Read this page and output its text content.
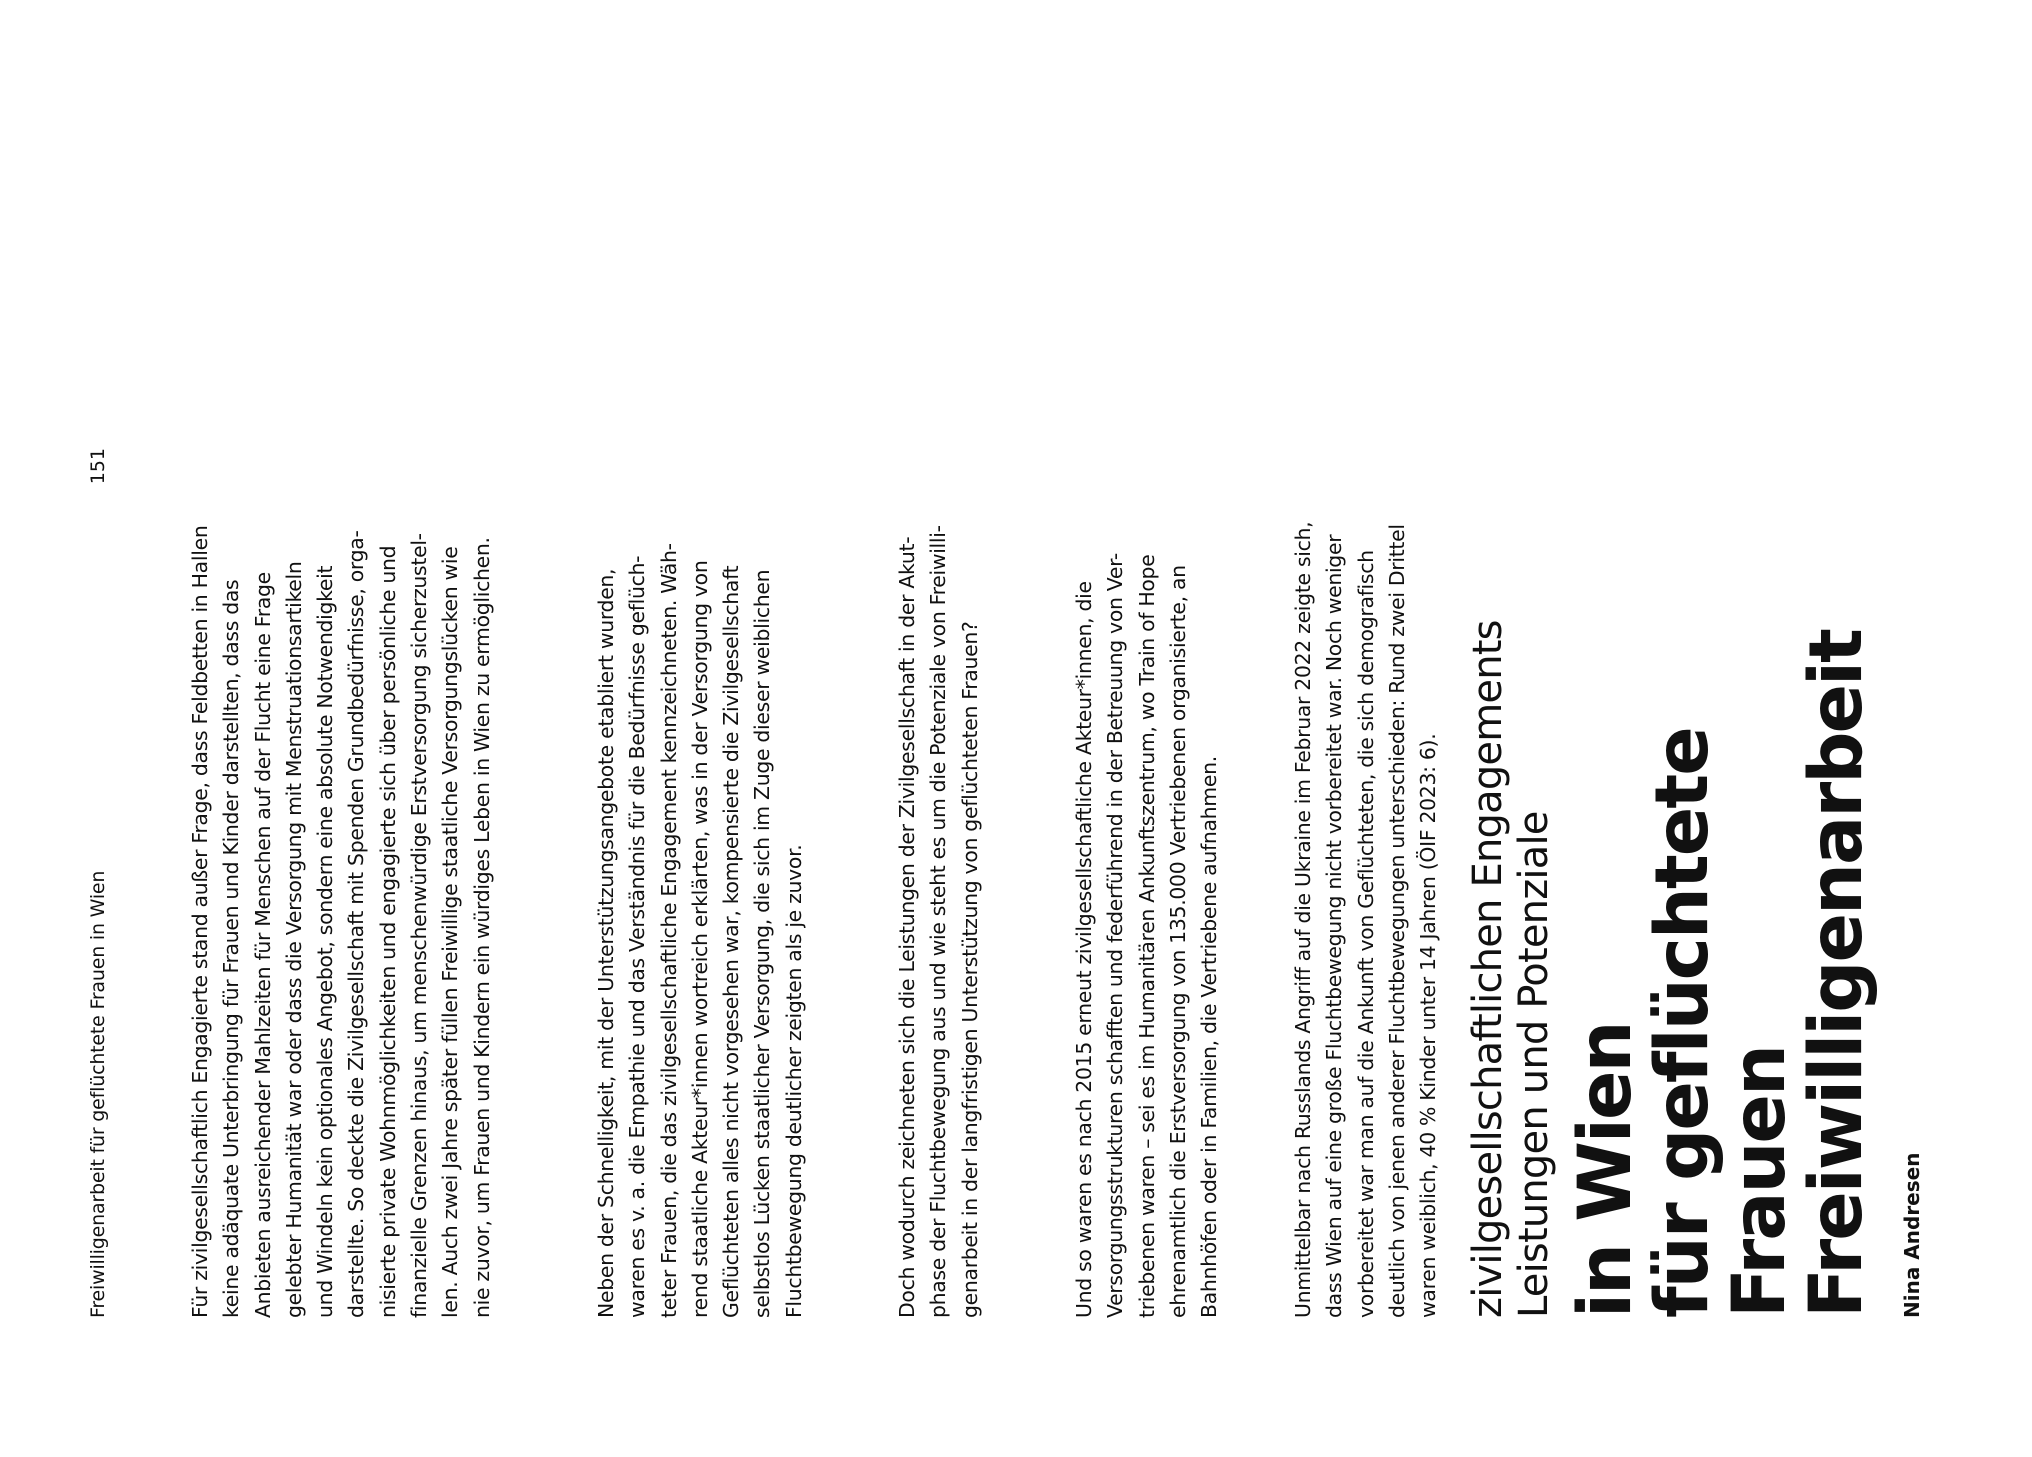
Freiwilligenarbeit für geflüchtete Frauen in Wien
151

Für zivilgesellschaftlich Engagierte stand außer Frage, dass Feldbetten in Hallen keine adäquate Unterbringung für Frauen und Kinder darstellten, dass das Anbieten ausreichender Mahlzeiten für Menschen auf der Flucht eine Frage gelebter Humanität war oder dass die Versorgung mit Menstruationsartikeln und Windeln kein optionales Angebot, sondern eine absolute Notwendigkeit darstellte. So deckte die Zivilgesellschaft mit Spenden Grundbedürfnisse, orga- nisierte private Wohnmöglichkeiten und engagierte sich über persönliche und finanzielle Grenzen hinaus, um menschenwürdige Erstversorgung sicherzustel- len. Auch zwei Jahre später füllen Freiwillige staatliche Versorgungslücken wie nie zuvor, um Frauen und Kindern ein würdiges Leben in Wien zu ermöglichen.	Neben der Schnelligkeit, mit der Unterstützungsangebote etabliert wurden, waren es v. a. die Empathie und das Verständnis für die Bedürfnisse geflüch- teter Frauen, die das zivilgesellschaftliche Engagement kennzeichneten. Wäh- rend staatliche Akteur*innen wortreich erklärten, was in der Versorgung von Geflüchteten alles nicht vorgesehen war, kompensierte die Zivilgesellschaft selbstlos Lücken staatlicher Versorgung, die sich im Zuge dieser weiblichen Fluchtbewegung deutlicher zeigten als je zuvor.	Doch wodurch zeichneten sich die Leistungen der Zivilgesellschaft in der Akut- phase der Fluchtbewegung aus und wie steht es um die Potenziale von Freiwilli- genarbeit in der langfristigen Unterstützung von geflüchteten Frauen?	Und so waren es nach 2015 erneut zivilgesellschaftliche Akteur*innen, die Versorgungsstrukturen schafften und federführend in der Betreuung von Ver- triebenen waren – sei es im Humanitären Ankunftszentrum, wo Train of Hope ehrenamtlich die Erstversorgung von 135.000 Vertriebenen organisierte, an Bahnhöfen oder in Familien, die Vertriebene aufnahmen.	Unmittelbar nach Russlands Angriff auf die Ukraine im Februar 2022 zeigte sich, dass Wien auf eine große Fluchtbewegung nicht vorbereitet war. Noch weniger vorbereitet war man auf die Ankunft von Geflüchteten, die sich demografisch deutlich von jenen anderer Fluchtbewegungen unterschieden: Rund zwei Drittel waren weiblich, 40 % Kinder unter 14 Jahren (ÖIF 2023: 6). zivilgesellschaftlichen Engagements Leistungen und Potenziale in Wien
für geflüchtete Frauen
Freiwilligenarbeit Nina Andresen
